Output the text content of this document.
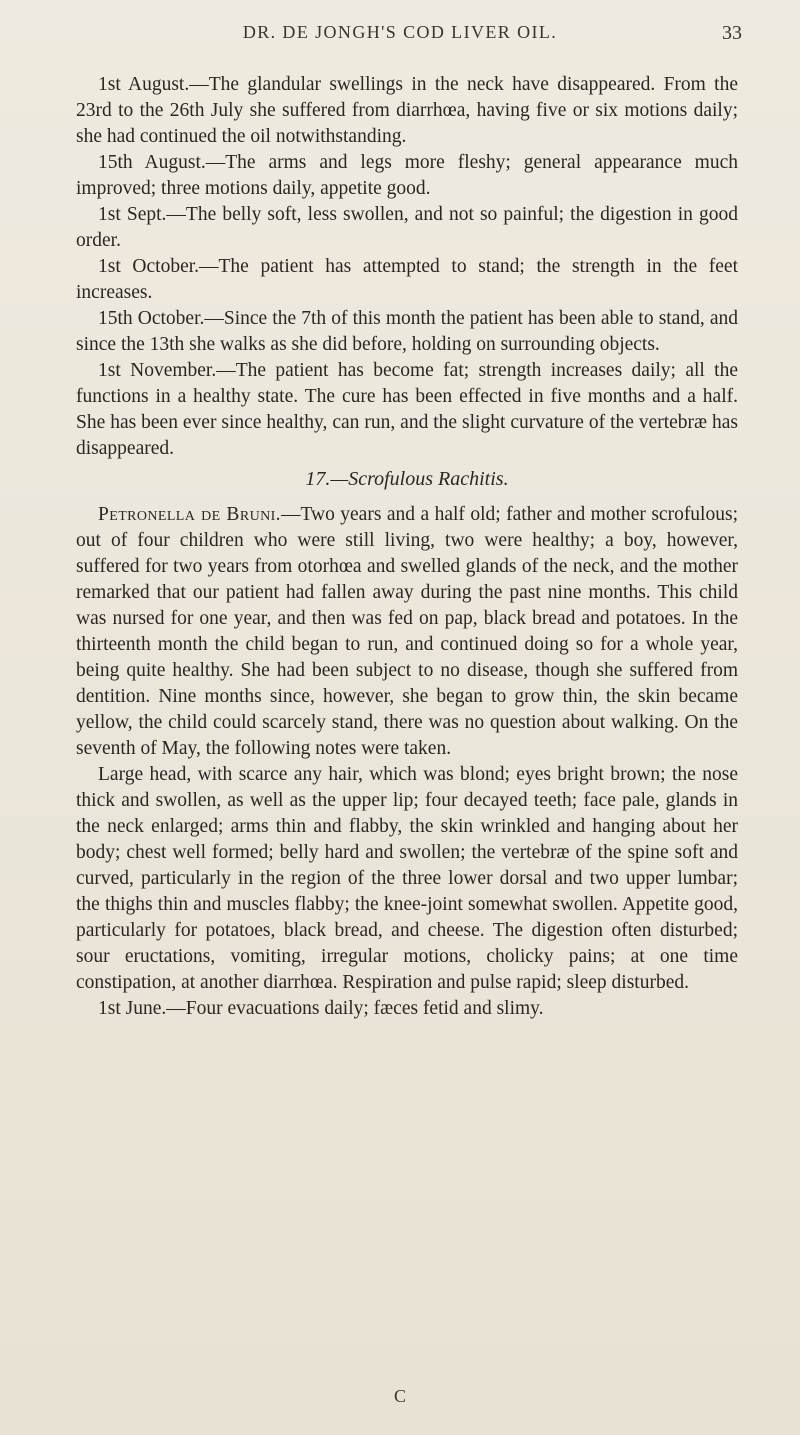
DR. DE JONGH'S COD LIVER OIL.	33

1st August.—The glandular swellings in the neck have disappeared. From the 23rd to the 26th July she suffered from diarrhœa, having five or six motions daily; she had continued the oil notwithstanding.

15th August.—The arms and legs more fleshy; general appearance much improved; three motions daily, appetite good.

1st Sept.—The belly soft, less swollen, and not so painful; the digestion in good order.

1st October.—The patient has attempted to stand; the strength in the feet increases.

15th October.—Since the 7th of this month the patient has been able to stand, and since the 13th she walks as she did before, holding on surrounding objects.

1st November.—The patient has become fat; strength increases daily; all the functions in a healthy state. The cure has been effected in five months and a half. She has been ever since healthy, can run, and the slight curvature of the vertebræ has disappeared.

17.—Scrofulous Rachitis.

Petronella de Bruni.—Two years and a half old; father and mother scrofulous; out of four children who were still living, two were healthy; a boy, however, suffered for two years from otorhœa and swelled glands of the neck, and the mother remarked that our patient had fallen away during the past nine months. This child was nursed for one year, and then was fed on pap, black bread and potatoes. In the thirteenth month the child began to run, and continued doing so for a whole year, being quite healthy. She had been subject to no disease, though she suffered from dentition. Nine months since, however, she began to grow thin, the skin became yellow, the child could scarcely stand, there was no question about walking. On the seventh of May, the following notes were taken.

Large head, with scarce any hair, which was blond; eyes bright brown; the nose thick and swollen, as well as the upper lip; four decayed teeth; face pale, glands in the neck enlarged; arms thin and flabby, the skin wrinkled and hanging about her body; chest well formed; belly hard and swollen; the vertebræ of the spine soft and curved, particularly in the region of the three lower dorsal and two upper lumbar; the thighs thin and muscles flabby; the knee-joint somewhat swollen. Appetite good, particularly for potatoes, black bread, and cheese. The digestion often disturbed; sour eructations, vomiting, irregular motions, cholicky pains; at one time constipation, at another diarrhœa. Respiration and pulse rapid; sleep disturbed.

1st June.—Four evacuations daily; fæces fetid and slimy.

C
